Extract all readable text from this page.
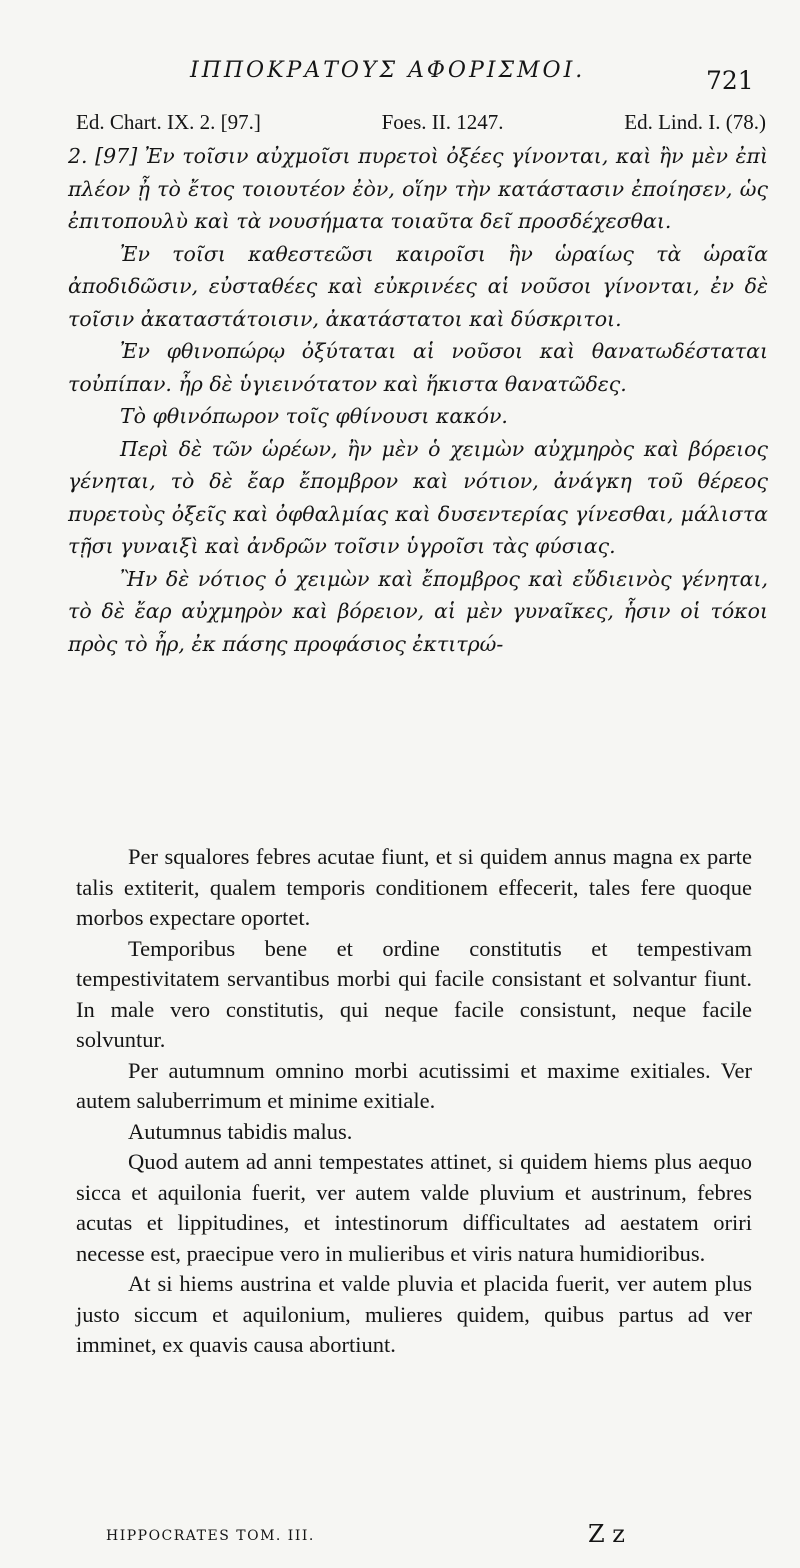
ΙΠΠΟΚΡΑΤΟΥΣ ΑΦΟΡΙΣΜΟΙ.	721
Ed. Chart. IX. 2. [97.]	Foes. II. 1247.	Ed. Lind. I. (78.)

2. [97] Ἐν τοῖσιν αὐχμοῖσι πυρετοὶ ὀξέες γίνονται, καὶ ἢν μὲν ἐπὶ πλέον ᾖ τὸ ἔτος τοιουτέον ἐὸν, οἵην τὴν κατάστασιν ἐποίησεν, ὡς ἐπιτοπουλὺ καὶ τὰ νουσήματα τοιαῦτα δεῖ προσδέχεσθαι.

Ἐν τοῖσι καθεστεῶσι καιροῖσι ἢν ὡραίως τὰ ὡραῖα ἀποδιδῶσιν, εὐσταθέες καὶ εὐκρινέες αἱ νοῦσοι γίνονται, ἐν δὲ τοῖσιν ἀκαταστάτοισιν, ἀκατάστατοι καὶ δύσκριτοι.

Ἐν φθινοπώρῳ ὀξύταται αἱ νοῦσοι καὶ θανατωδέσταται τοὐπίπαν. ἦρ δὲ ὑγιεινότατον καὶ ἥκιστα θανατῶδες.

Τὸ φθινόπωρον τοῖς φθίνουσι κακόν.

Περὶ δὲ τῶν ὡρέων, ἢν μὲν ὁ χειμὼν αὐχμηρὸς καὶ βόρειος γένηται, τὸ δὲ ἔαρ ἔπομβρον καὶ νότιον, ἀνάγκη τοῦ θέρεος πυρετοὺς ὀξεῖς καὶ ὀφθαλμίας καὶ δυσεντερίας γίνεσθαι, μάλιστα τῇσι γυναιξὶ καὶ ἀνδρῶν τοῖσιν ὑγροῖσι τὰς φύσιας.

Ἢν δὲ νότιος ὁ χειμὼν καὶ ἔπομβρος καὶ εὔδιεινὸς γένηται, τὸ δὲ ἔαρ αὐχμηρὸν καὶ βόρειον, αἱ μὲν γυναῖκες, ἧσιν οἱ τόκοι πρὸς τὸ ἦρ, ἐκ πάσης προφάσιος ἐκτιτρώ-

Per squalores febres acutae fiunt, et si quidem annus magna ex parte talis extiterit, qualem temporis conditionem effecerit, tales fere quoque morbos expectare oportet.

Temporibus bene et ordine constitutis et tempestivam tempestivitatem servantibus morbi qui facile consistant et solvantur fiunt. In male vero constitutis, qui neque facile consistunt, neque facile solvuntur.

Per autumnum omnino morbi acutissimi et maxime exitiales. Ver autem saluberrimum et minime exitiale.

Autumnus tabidis malus.

Quod autem ad anni tempestates attinet, si quidem hiems plus aequo sicca et aquilonia fuerit, ver autem valde pluvium et austrinum, febres acutas et lippitudines, et intestinorum difficultates ad aestatem oriri necesse est, praecipue vero in mulieribus et viris natura humidioribus.

At si hiems austrina et valde pluvia et placida fuerit, ver autem plus justo siccum et aquilonium, mulieres quidem, quibus partus ad ver imminet, ex quavis causa abortiunt.

HIPPOCRATES TOM. III.	Z z
